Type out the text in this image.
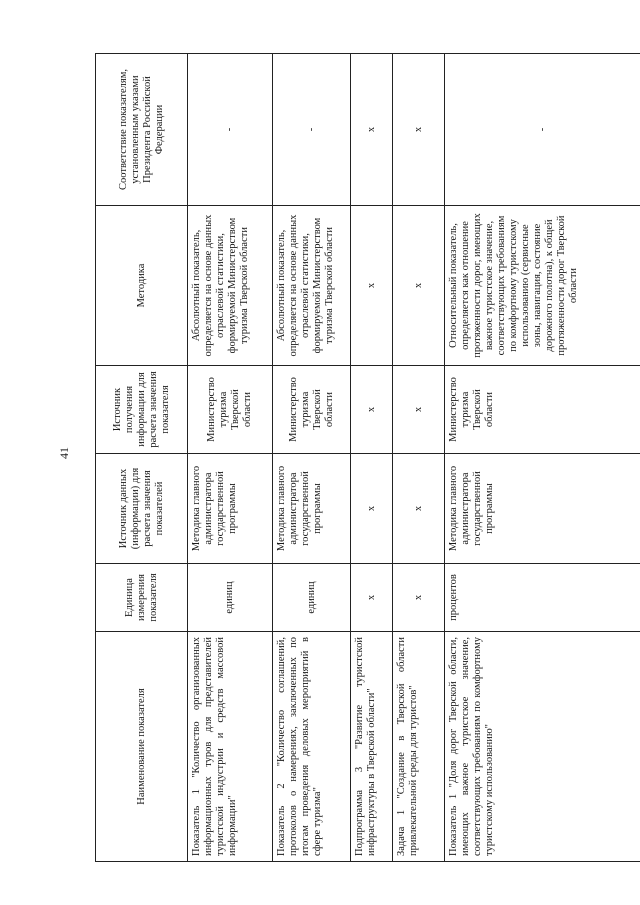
41
Наименование показателя	Единица измерения показателя	Источник данных (информации) для расчета значения показателей	Источник получения информации для расчета значения показателя	Методика	Соответствие показателям, установленным указами Президента Российской Федерации
Показатель 1 "Количество организованных информационных туров для представителей туристской индустрии и средств массовой информации"	единиц	Методика главного администратора государственной программы	Министерство туризма Тверской области	Абсолютный показатель, определяется на основе данных отраслевой статистики, формируемой Министерством туризма Тверской области	-
Показатель 2 "Количество соглашений, протоколов о намерениях, заключенных по итогам проведения деловых мероприятий в сфере туризма"	единиц	Методика главного администратора государственной программы	Министерство туризма Тверской области	Абсолютный показатель, определяется на основе данных отраслевой статистики, формируемой Министерством туризма Тверской области	-
Подпрограмма 3 "Развитие туристской инфраструктуры в Тверской области"	х	х	х	х	х
Задача 1 "Создание в Тверской области привлекательной среды для туристов"	х	х	х	х	х
Показатель 1 "Доля дорог Тверской области, имеющих важное туристское значение, соответствующих требованиям по комфортному туристскому использованию"	процентов	Методика главного администратора государственной программы	Министерство туризма Тверской области	Относительный показатель, определяется как отношение протяженности дорог, имеющих важное туристское значение, соответствующих требованиям по комфортному туристскому использованию (сервисные зоны, навигация, состояние дорожного полотна), к общей протяженности дорог Тверской области	-
